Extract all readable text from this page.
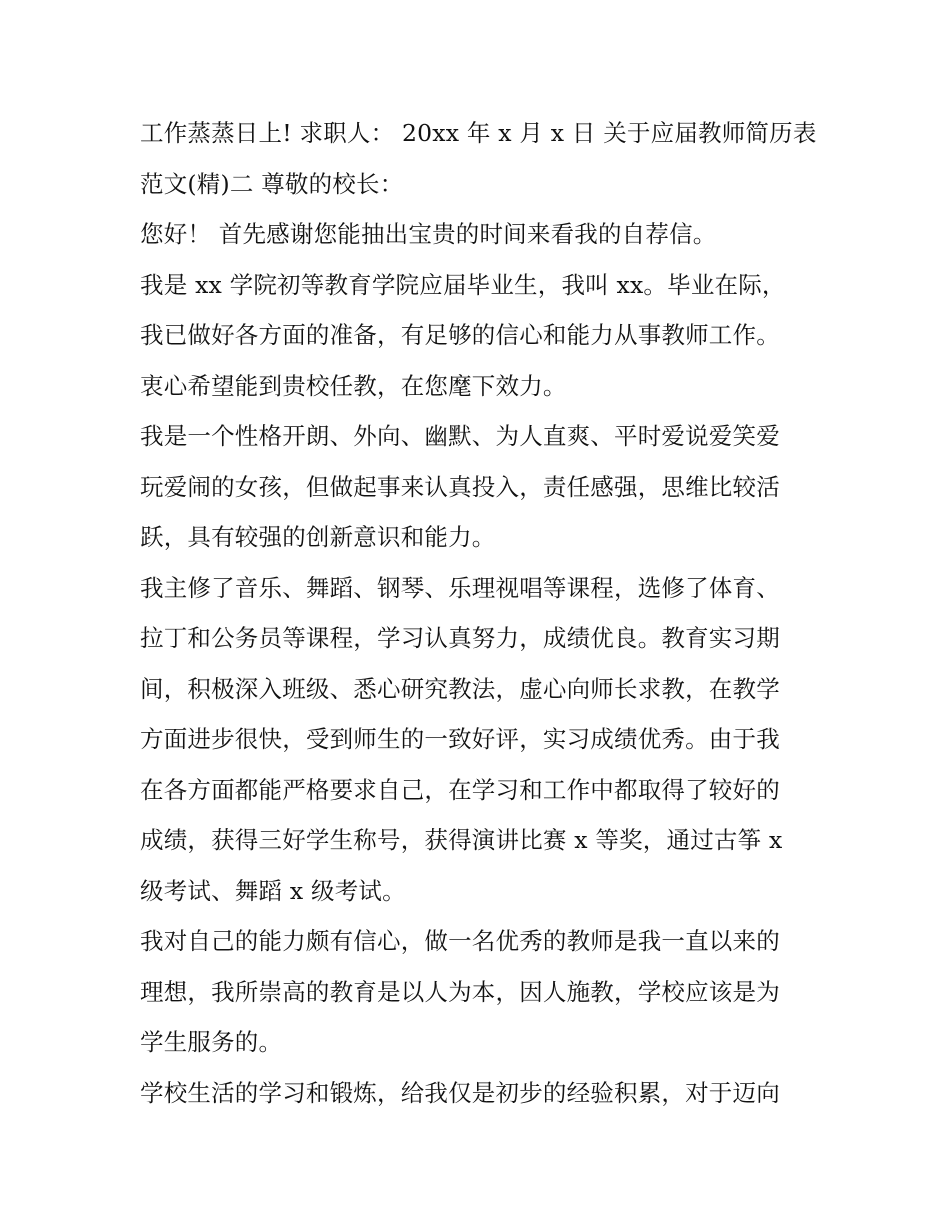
工作蒸蒸日上! 求职人： 20xx 年 x 月 x 日 关于应届教师简历表
范文(精)二 尊敬的校长：
您好！ 首先感谢您能抽出宝贵的时间来看我的自荐信。
我是 xx 学院初等教育学院应届毕业生，我叫 xx。毕业在际，
我已做好各方面的准备，有足够的信心和能力从事教师工作。
衷心希望能到贵校任教，在您麾下效力。
我是一个性格开朗、外向、幽默、为人直爽、平时爱说爱笑爱
玩爱闹的女孩，但做起事来认真投入，责任感强，思维比较活
跃，具有较强的创新意识和能力。
我主修了音乐、舞蹈、钢琴、乐理视唱等课程，选修了体育、
拉丁和公务员等课程，学习认真努力，成绩优良。教育实习期
间，积极深入班级、悉心研究教法，虚心向师长求教，在教学
方面进步很快，受到师生的一致好评，实习成绩优秀。由于我
在各方面都能严格要求自己，在学习和工作中都取得了较好的
成绩，获得三好学生称号，获得演讲比赛 x 等奖，通过古筝 x
级考试、舞蹈 x 级考试。
我对自己的能力颇有信心，做一名优秀的教师是我一直以来的
理想，我所崇高的教育是以人为本，因人施教，学校应该是为
学生服务的。
学校生活的学习和锻炼，给我仅是初步的经验积累，对于迈向
